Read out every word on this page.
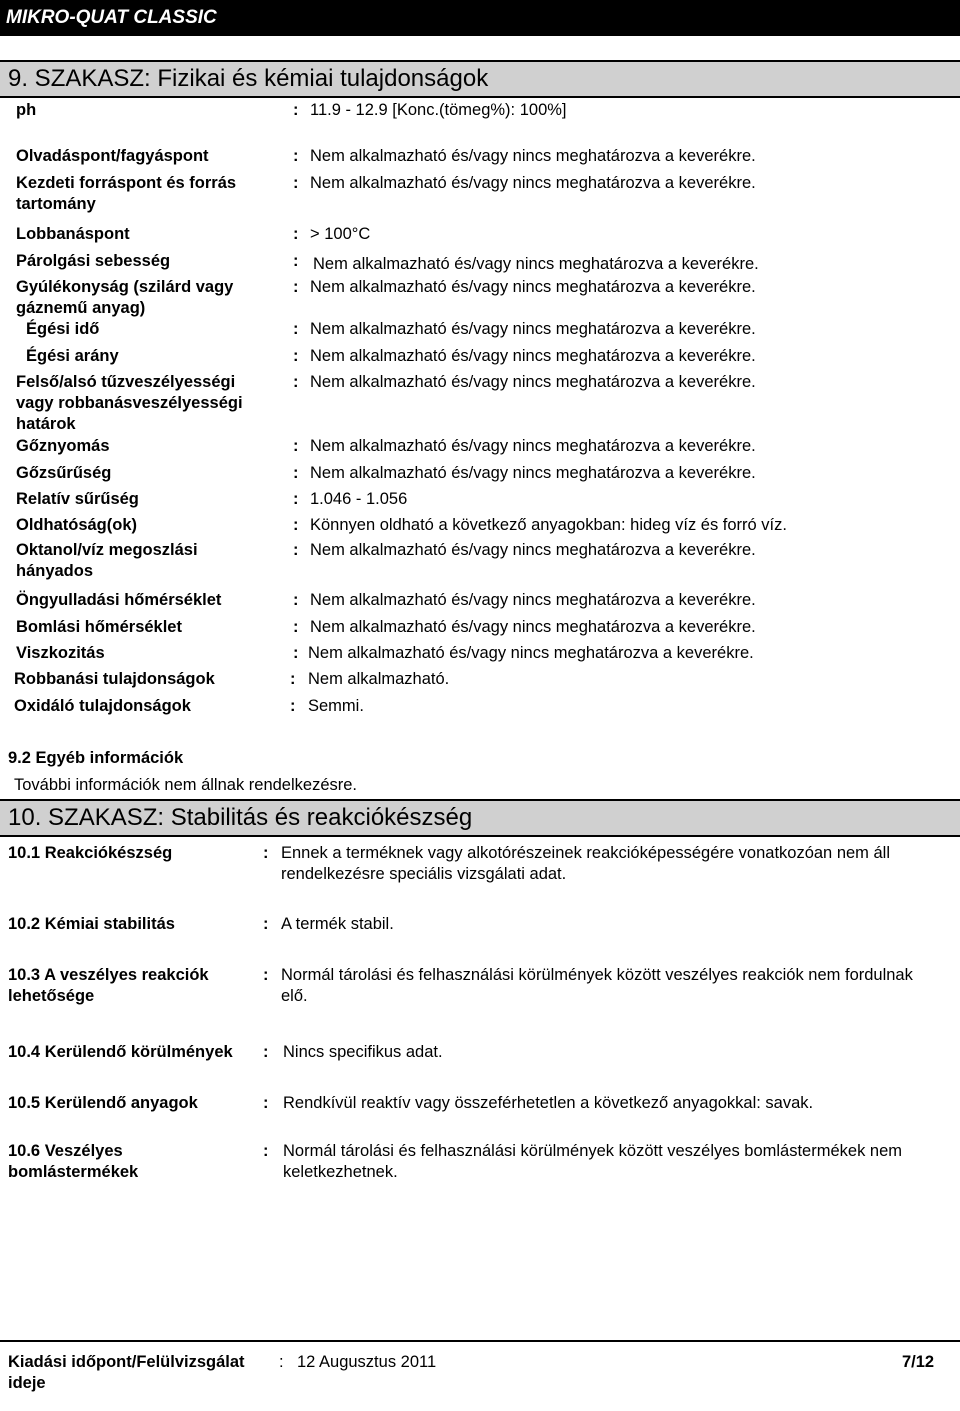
MIKRO-QUAT CLASSIC
9. SZAKASZ: Fizikai és kémiai tulajdonságok
ph	: 11.9 - 12.9 [Konc.(tömeg%): 100%]
Olvadáspont/fagyáspont	: Nem alkalmazható és/vagy nincs meghatározva a keverékre.
Kezdeti forráspont és forrás tartomány
: Nem alkalmazható és/vagy nincs meghatározva a keverékre.
Lobbanáspont	: > 100°C
Párolgási sebesség	: Nem alkalmazható és/vagy nincs meghatározva a keverékre.
Gyúlékonyság (szilárd vagy gáznemű anyag)
: Nem alkalmazható és/vagy nincs meghatározva a keverékre.
Égési idő	: Nem alkalmazható és/vagy nincs meghatározva a keverékre.
Égési arány	: Nem alkalmazható és/vagy nincs meghatározva a keverékre.
Felső/alsó tűzveszélyességi vagy robbanásveszélyességi határok
: Nem alkalmazható és/vagy nincs meghatározva a keverékre.
Gőznyomás	: Nem alkalmazható és/vagy nincs meghatározva a keverékre.
Gőzsűrűség	: Nem alkalmazható és/vagy nincs meghatározva a keverékre.
Relatív sűrűség	: 1.046 - 1.056
Oldhatóság(ok)	: Könnyen oldható a következő anyagokban: hideg víz és forró víz.
Oktanol/víz megoszlási hányados
: Nem alkalmazható és/vagy nincs meghatározva a keverékre.
Öngyulladási hőmérséklet	: Nem alkalmazható és/vagy nincs meghatározva a keverékre.
Bomlási hőmérséklet	: Nem alkalmazható és/vagy nincs meghatározva a keverékre.
Viszkozitás	: Nem alkalmazható és/vagy nincs meghatározva a keverékre.
Robbanási tulajdonságok	: Nem alkalmazható.
Oxidáló tulajdonságok	: Semmi.
9.2 Egyéb információk
További információk nem állnak rendelkezésre.
10. SZAKASZ: Stabilitás és reakciókészség
10.1 Reakciókészség	: Ennek a terméknek vagy alkotórészeinek reakcióképességére vonatkozóan nem áll rendelkezésre speciális vizsgálati adat.
10.2 Kémiai stabilitás	: A termék stabil.
10.3 A veszélyes reakciók lehetősége
: Normál tárolási és felhasználási körülmények között veszélyes reakciók nem fordulnak elő.
10.4 Kerülendő körülmények	: Nincs specifikus adat.
10.5 Kerülendő anyagok	: Rendkívül reaktív vagy összeférhetetlen a következő anyagokkal: savak.
10.6 Veszélyes bomlástermékek
: Normál tárolási és felhasználási körülmények között veszélyes bomlástermékek nem keletkezhetnek.
Kiadási időpont/Felülvizsgálat ideje
: 12 Augusztus 2011	7/12
